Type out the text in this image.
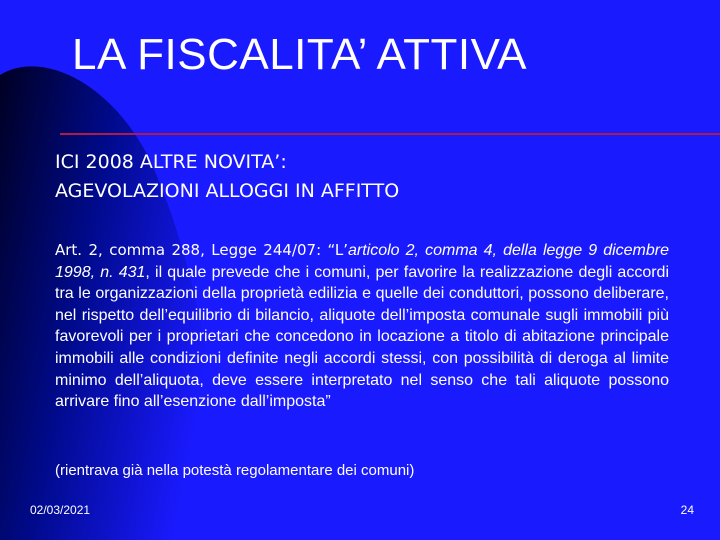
LA FISCALITA’ ATTIVA
ICI 2008 ALTRE NOVITA’:
AGEVOLAZIONI ALLOGGI IN AFFITTO
Art. 2, comma 288, Legge 244/07: “L’articolo 2, comma 4, della legge 9 dicembre 1998, n. 431, il quale prevede che i comuni, per favorire la realizzazione degli accordi tra le organizzazioni della proprietà edilizia e quelle dei conduttori, possono deliberare, nel rispetto dell’equilibrio di bilancio, aliquote dell’imposta comunale sugli immobili più favorevoli per i proprietari che concedono in locazione a titolo di abitazione principale immobili alle condizioni definite negli accordi stessi, con possibilità di deroga al limite minimo dell’aliquota, deve essere interpretato nel senso che tali aliquote possono arrivare fino all’esenzione dall’imposta”
(rientrava già nella potestà regolamentare dei comuni)
02/03/2021	24
